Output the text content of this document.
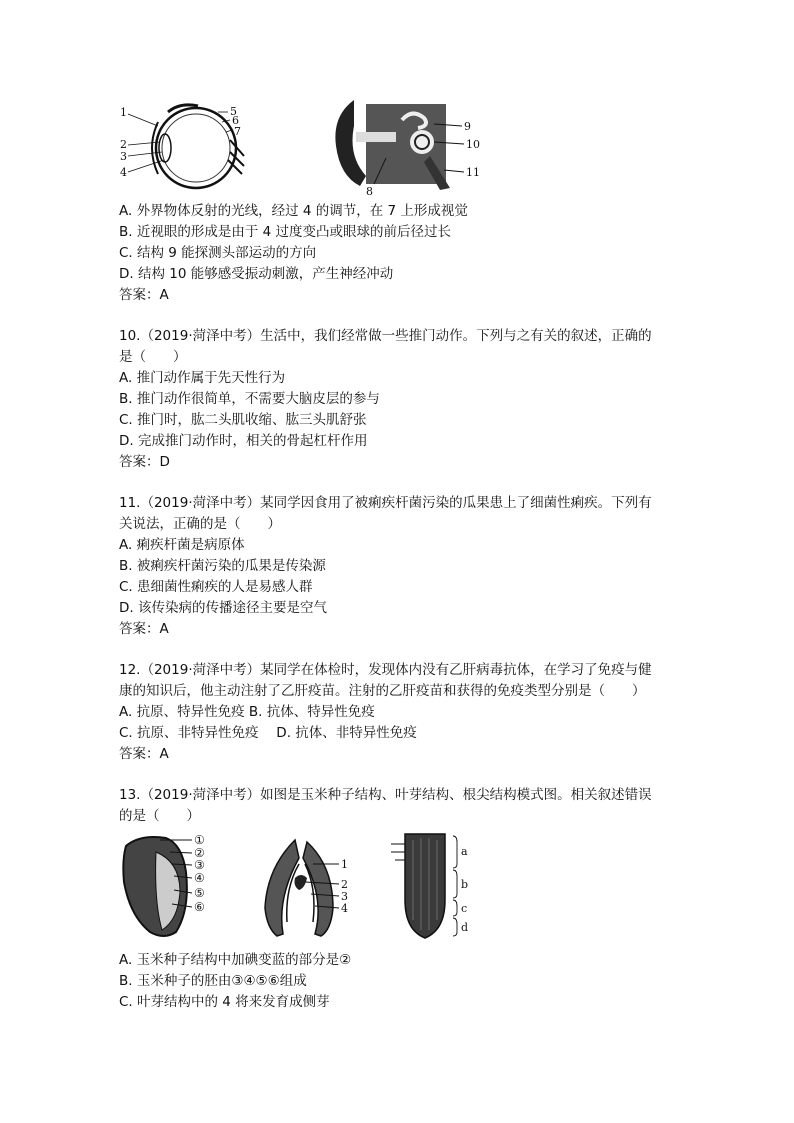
1
2
3
4
5
6
7	9
10
11
8
A. 外界物体反射的光线，经过 4 的调节，在 7 上形成视觉
B. 近视眼的形成是由于 4 过度变凸或眼球的前后径过长
C. 结构 9 能探测头部运动的方向
D. 结构 10 能够感受振动刺激，产生神经冲动
答案：A
10.（2019·菏泽中考）生活中，我们经常做一些推门动作。下列与之有关的叙述，正确的
是（　　）
A. 推门动作属于先天性行为
B. 推门动作很简单，不需要大脑皮层的参与
C. 推门时，肱二头肌收缩、肱三头肌舒张
D. 完成推门动作时，相关的骨起杠杆作用
答案：D
11.（2019·菏泽中考）某同学因食用了被痢疾杆菌污染的瓜果患上了细菌性痢疾。下列有
关说法，正确的是（　　）
A. 痢疾杆菌是病原体
B. 被痢疾杆菌污染的瓜果是传染源
C. 患细菌性痢疾的人是易感人群
D. 该传染病的传播途径主要是空气
答案：A
12.（2019·菏泽中考）某同学在体检时，发现体内没有乙肝病毒抗体，在学习了免疫与健
康的知识后，他主动注射了乙肝疫苗。注射的乙肝疫苗和获得的免疫类型分别是（　　）
A. 抗原、特异性免疫 B. 抗体、特异性免疫
C. 抗原、非特异性免疫　 D. 抗体、非特异性免疫
答案：A
13.（2019·菏泽中考）如图是玉米种子结构、叶芽结构、根尖结构模式图。相关叙述错误
的是（　　）
①
②
③
④
⑤
⑥
1
2
3
4
a
b
c
d
A. 玉米种子结构中加碘变蓝的部分是②
B. 玉米种子的胚由③④⑤⑥组成
C. 叶芽结构中的 4 将来发育成侧芽
